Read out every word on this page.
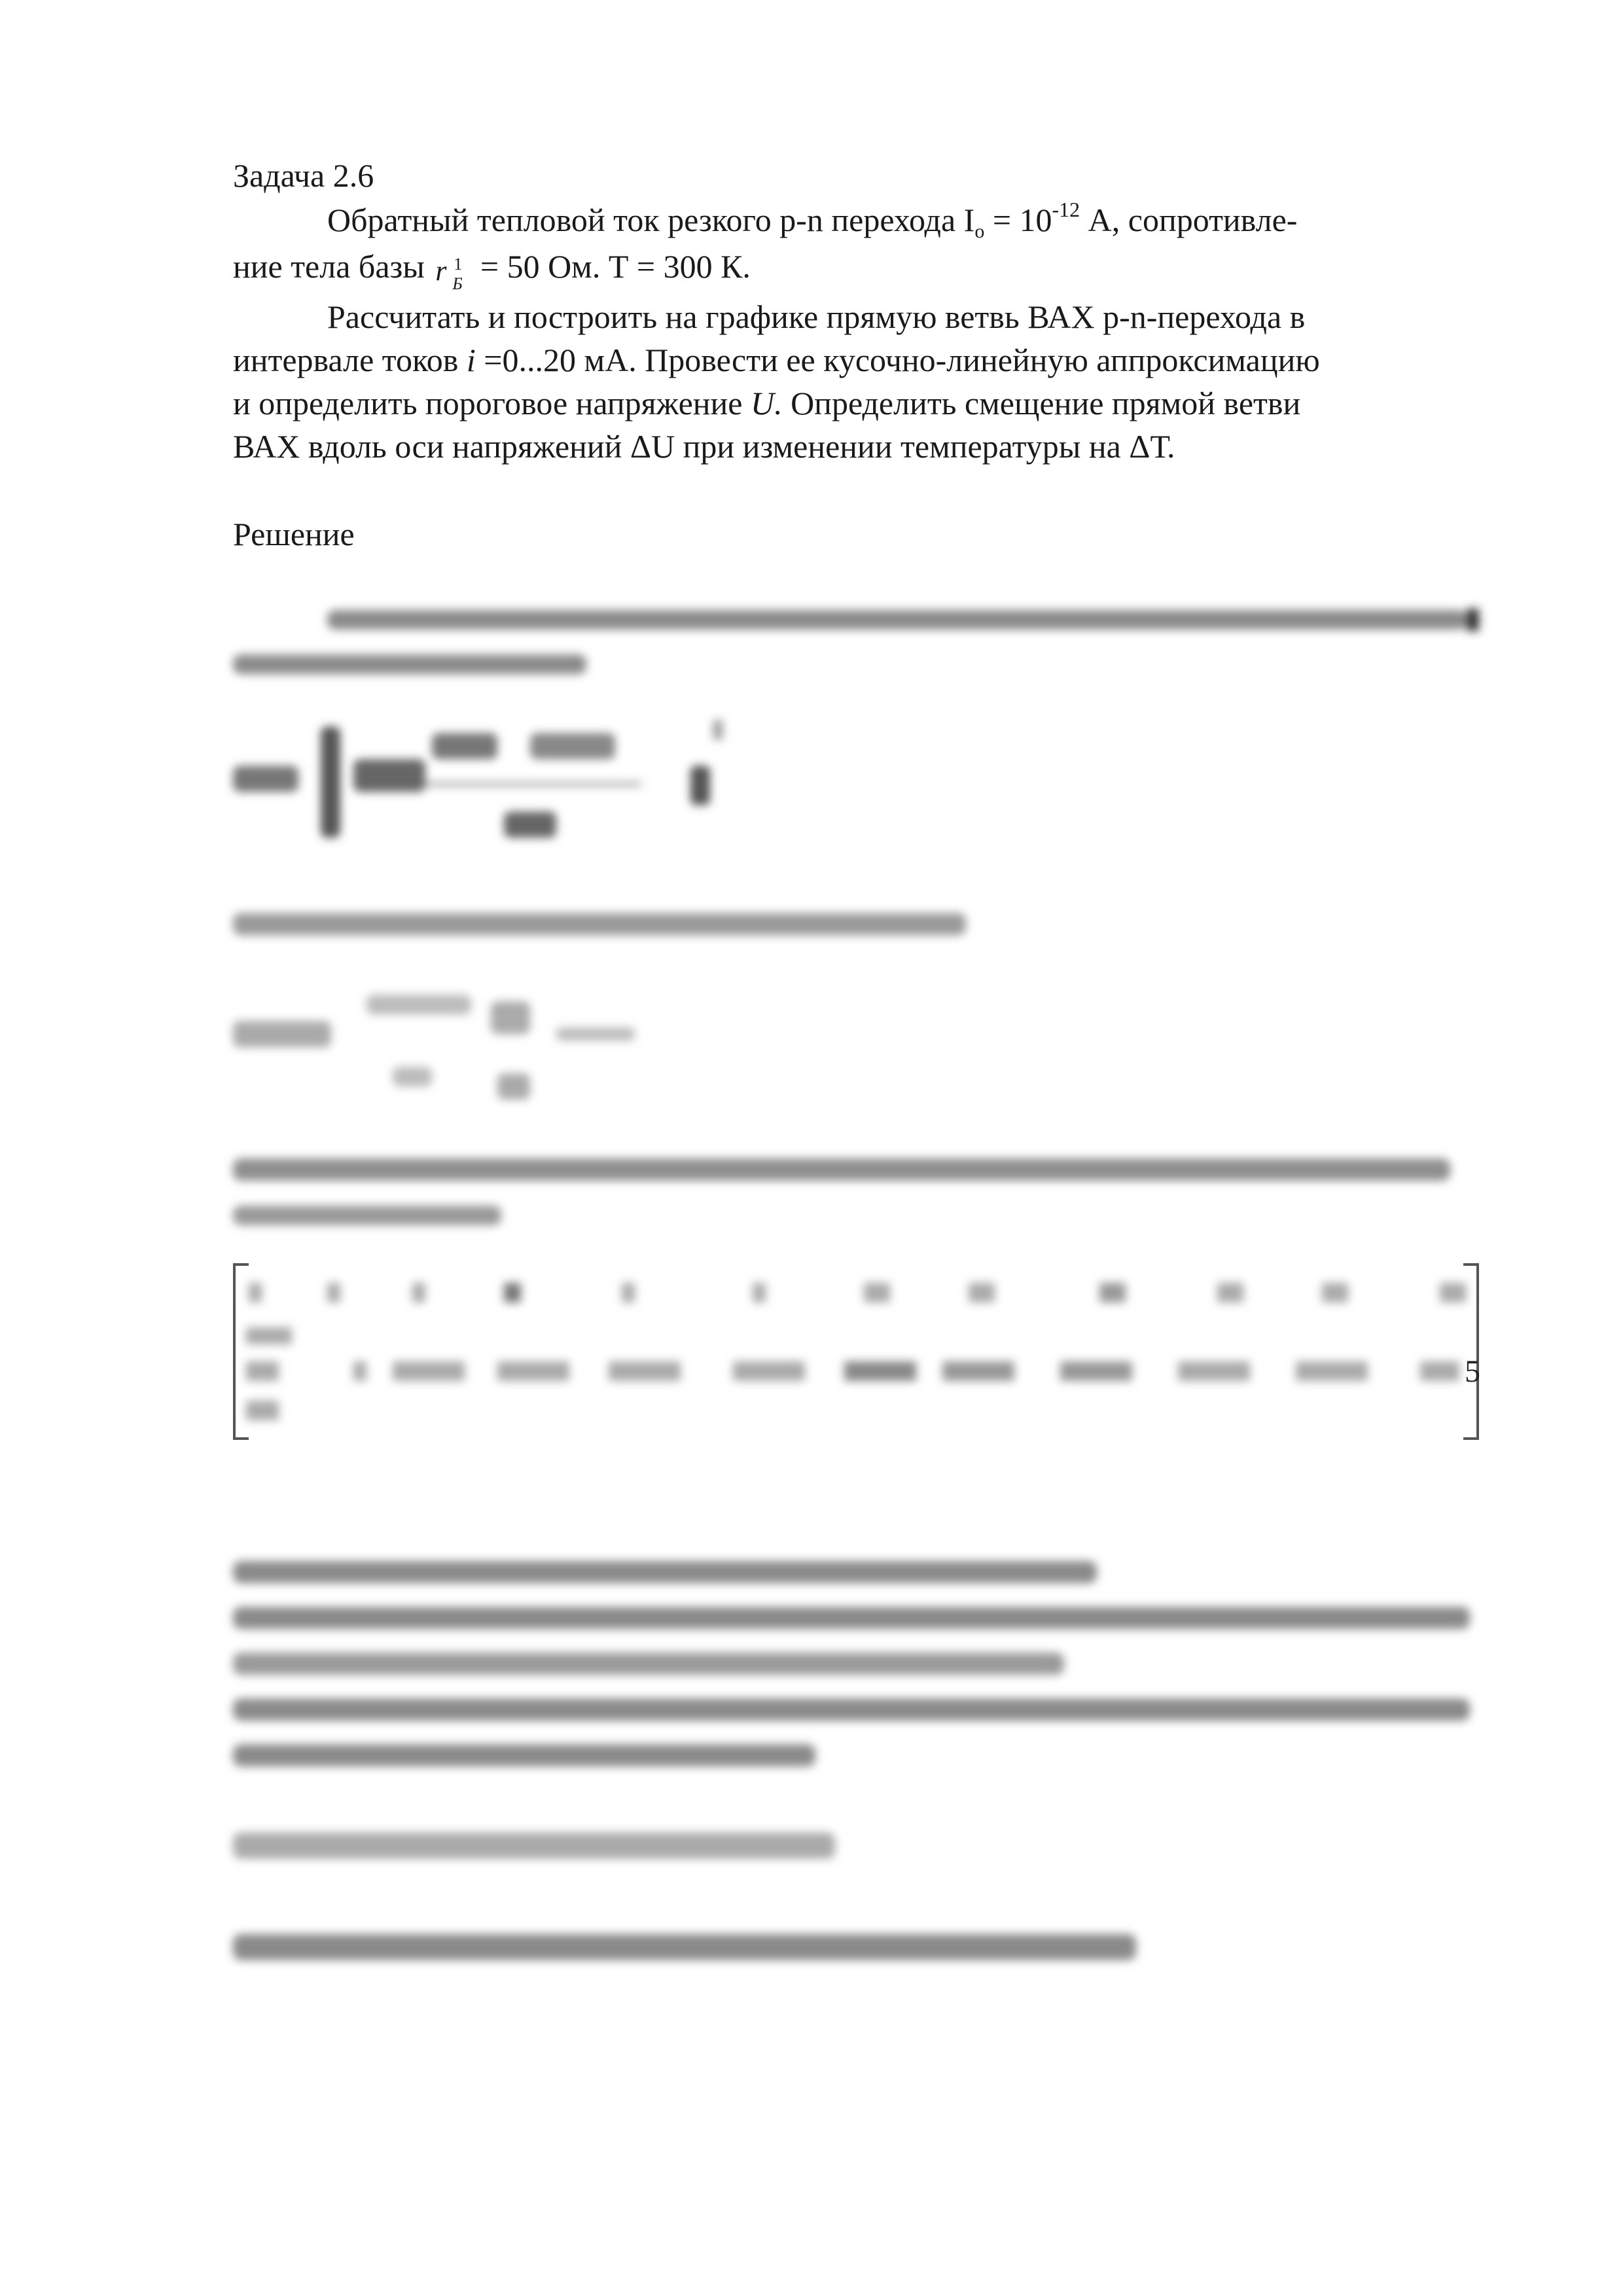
Задача 2.6
Обратный тепловой ток резкого p-n перехода $I_o = 10^{-12}$ А, сопротивле-
ние тела базы r 1
Б = 50 Ом. Т = 300 К.
Рассчитать и построить на графике прямую ветвь ВАХ p-n-перехода в
интервале токов i =0...20 мА. Провести ее кусочно-линейную аппроксимацию
и определить пороговое напряжение U. Определить смещение прямой ветви
ВАХ вдоль оси напряжений ΔU при изменении температуры на ΔТ.
Решение
5
